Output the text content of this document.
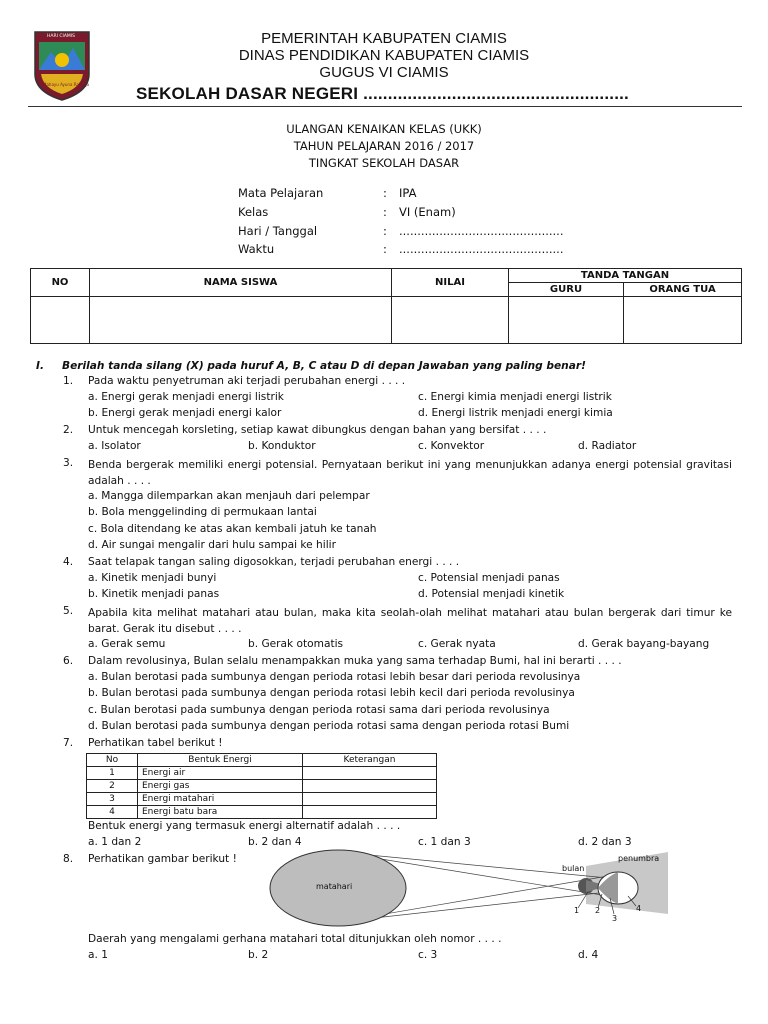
HARI CIAMIS
Mahayu Ayuna Raharja
PEMERINTAH KABUPATEN CIAMIS
DINAS PENDIDIKAN KABUPATEN CIAMIS
GUGUS VI CIAMIS
SEKOLAH DASAR NEGERI ......................................................
ULANGAN KENAIKAN KELAS (UKK)
TAHUN PELAJARAN 2016 / 2017
TINGKAT SEKOLAH DASAR
Mata Pelajaran	: IPA
Kelas	: VI (Enam)
Hari / Tanggal	: .............................................
Waktu	: .............................................
NO	NAMA SISWA	NILAI	TANDA TANGAN	
			GURU	ORANG TUA

I. Berilah tanda silang (X) pada huruf A, B, C atau D di depan Jawaban yang paling benar!
1. Pada waktu penyetruman aki terjadi perubahan energi . . . .
a. Energi gerak menjadi energi listrik	c. Energi kimia menjadi energi listrik
b. Energi gerak menjadi energi kalor	d. Energi listrik menjadi energi kimia
2. Untuk mencegah korsleting, setiap kawat dibungkus dengan bahan yang bersifat . . . .
a. Isolator	b. Konduktor	c. Konvektor	d. Radiator
3. Benda bergerak memiliki energi potensial. Pernyataan berikut ini yang menunjukkan adanya energi potensial gravitasi adalah . . . .
a. Mangga dilemparkan akan menjauh dari pelempar
b. Bola menggelinding di permukaan lantai
c. Bola ditendang ke atas akan kembali jatuh ke tanah
d. Air sungai mengalir dari hulu sampai ke hilir
4. Saat telapak tangan saling digosokkan, terjadi perubahan energi . . . .
a. Kinetik menjadi bunyi	c. Potensial menjadi panas
b. Kinetik menjadi panas	d. Potensial menjadi kinetik
5. Apabila kita melihat matahari atau bulan, maka kita seolah-olah melihat matahari atau bulan bergerak dari timur ke barat. Gerak itu disebut . . . .
a. Gerak semu	b. Gerak otomatis	c. Gerak nyata	d. Gerak bayang-bayang
6. Dalam revolusinya, Bulan selalu menampakkan muka yang sama terhadap Bumi, hal ini berarti . . . .
a. Bulan berotasi pada sumbunya dengan perioda rotasi lebih besar dari perioda revolusinya
b. Bulan berotasi pada sumbunya dengan perioda rotasi lebih kecil dari perioda revolusinya
c. Bulan berotasi pada sumbunya dengan perioda rotasi sama dari perioda revolusinya
d. Bulan berotasi pada sumbunya dengan perioda rotasi sama dengan perioda rotasi Bumi
7. Perhatikan tabel berikut !
No	Bentuk Energi	Keterangan
1	Energi air	
2	Energi gas	
3	Energi matahari	
4	Energi batu bara	
Bentuk energi yang termasuk energi alternatif adalah . . . .
a. 1 dan 2	b. 2 dan 4	c. 1 dan 3	d. 2 dan 3
8. Perhatikan gambar berikut !
matahari
bulan
penumbra
1 2
3
4
Daerah yang mengalami gerhana matahari total ditunjukkan oleh nomor . . . .
a. 1	b. 2	c. 3	d. 4
